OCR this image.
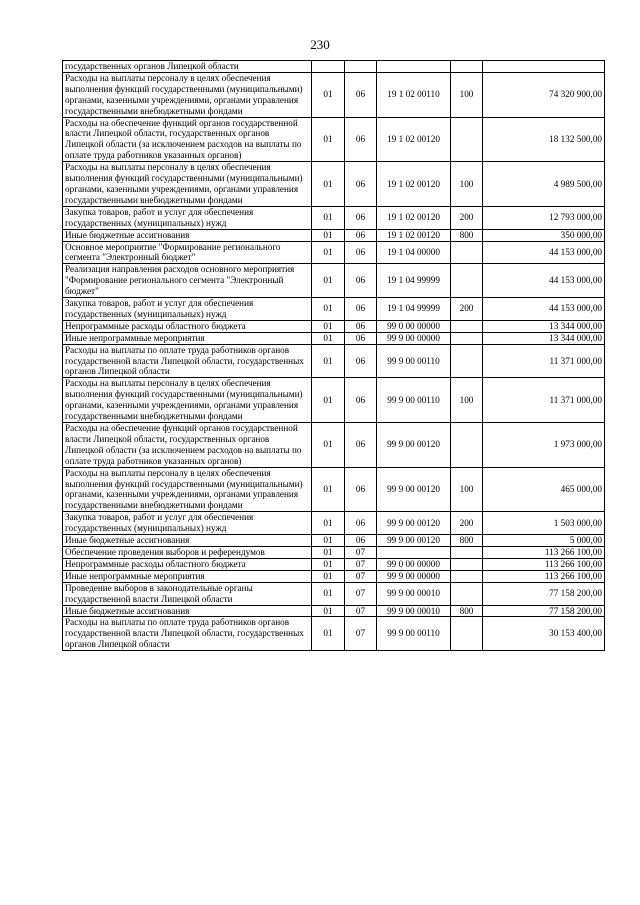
230
государственных органов Липецкой области					
Расходы на выплаты персоналу в целях обеспечения выполнения функций государственными (муниципальными) органами, казенными учреждениями, органами управления государственными внебюджетными фондами	01	06	19 1 02 00110	100	74 320 900,00
Расходы на обеспечение функций органов государственной власти Липецкой области, государственных органов Липецкой области (за исключением расходов на выплаты по оплате труда работников указанных органов)	01	06	19 1 02 00120		18 132 500,00
Расходы на выплаты персоналу в целях обеспечения выполнения функций государственными (муниципальными) органами, казенными учреждениями, органами управления государственными внебюджетными фондами	01	06	19 1 02 00120	100	4 989 500,00
Закупка товаров, работ и услуг для обеспечения государственных (муниципальных) нужд	01	06	19 1 02 00120	200	12 793 000,00
Иные бюджетные ассигнования	01	06	19 1 02 00120	800	350 000,00
Основное мероприятие "Формирование регионального сегмента "Электронный бюджет"	01	06	19 1 04 00000		44 153 000,00
Реализация направления расходов основного мероприятия "Формирование регионального сегмента "Электронный бюджет"	01	06	19 1 04 99999		44 153 000,00
Закупка товаров, работ и услуг для обеспечения государственных (муниципальных) нужд	01	06	19 1 04 99999	200	44 153 000,00
Непрограммные расходы областного бюджета	01	06	99 0 00 00000		13 344 000,00
Иные непрограммные мероприятия	01	06	99 9 00 00000		13 344 000,00
Расходы на выплаты по оплате труда работников органов государственной власти Липецкой области, государственных органов Липецкой области	01	06	99 9 00 00110		11 371 000,00
Расходы на выплаты персоналу в целях обеспечения выполнения функций государственными (муниципальными) органами, казенными учреждениями, органами управления государственными внебюджетными фондами	01	06	99 9 00 00110	100	11 371 000,00
Расходы на обеспечение функций органов государственной власти Липецкой области, государственных органов Липецкой области (за исключением расходов на выплаты по оплате труда работников указанных органов)	01	06	99 9 00 00120		1 973 000,00
Расходы на выплаты персоналу в целях обеспечения выполнения функций государственными (муниципальными) органами, казенными учреждениями, органами управления государственными внебюджетными фондами	01	06	99 9 00 00120	100	465 000,00
Закупка товаров, работ и услуг для обеспечения государственных (муниципальных) нужд	01	06	99 9 00 00120	200	1 503 000,00
Иные бюджетные ассигнования	01	06	99 9 00 00120	800	5 000,00
Обеспечение проведения выборов и референдумов	01	07			113 266 100,00
Непрограммные расходы областного бюджета	01	07	99 0 00 00000		113 266 100,00
Иные непрограммные мероприятия	01	07	99 9 00 00000		113 266 100,00
Проведение выборов в законодательные органы государственной власти Липецкой области	01	07	99 9 00 00010		77 158 200,00
Иные бюджетные ассигнования	01	07	99 9 00 00010	800	77 158 200,00
Расходы на выплаты по оплате труда работников органов государственной власти Липецкой области, государственных органов Липецкой области	01	07	99 9 00 00110		30 153 400,00
